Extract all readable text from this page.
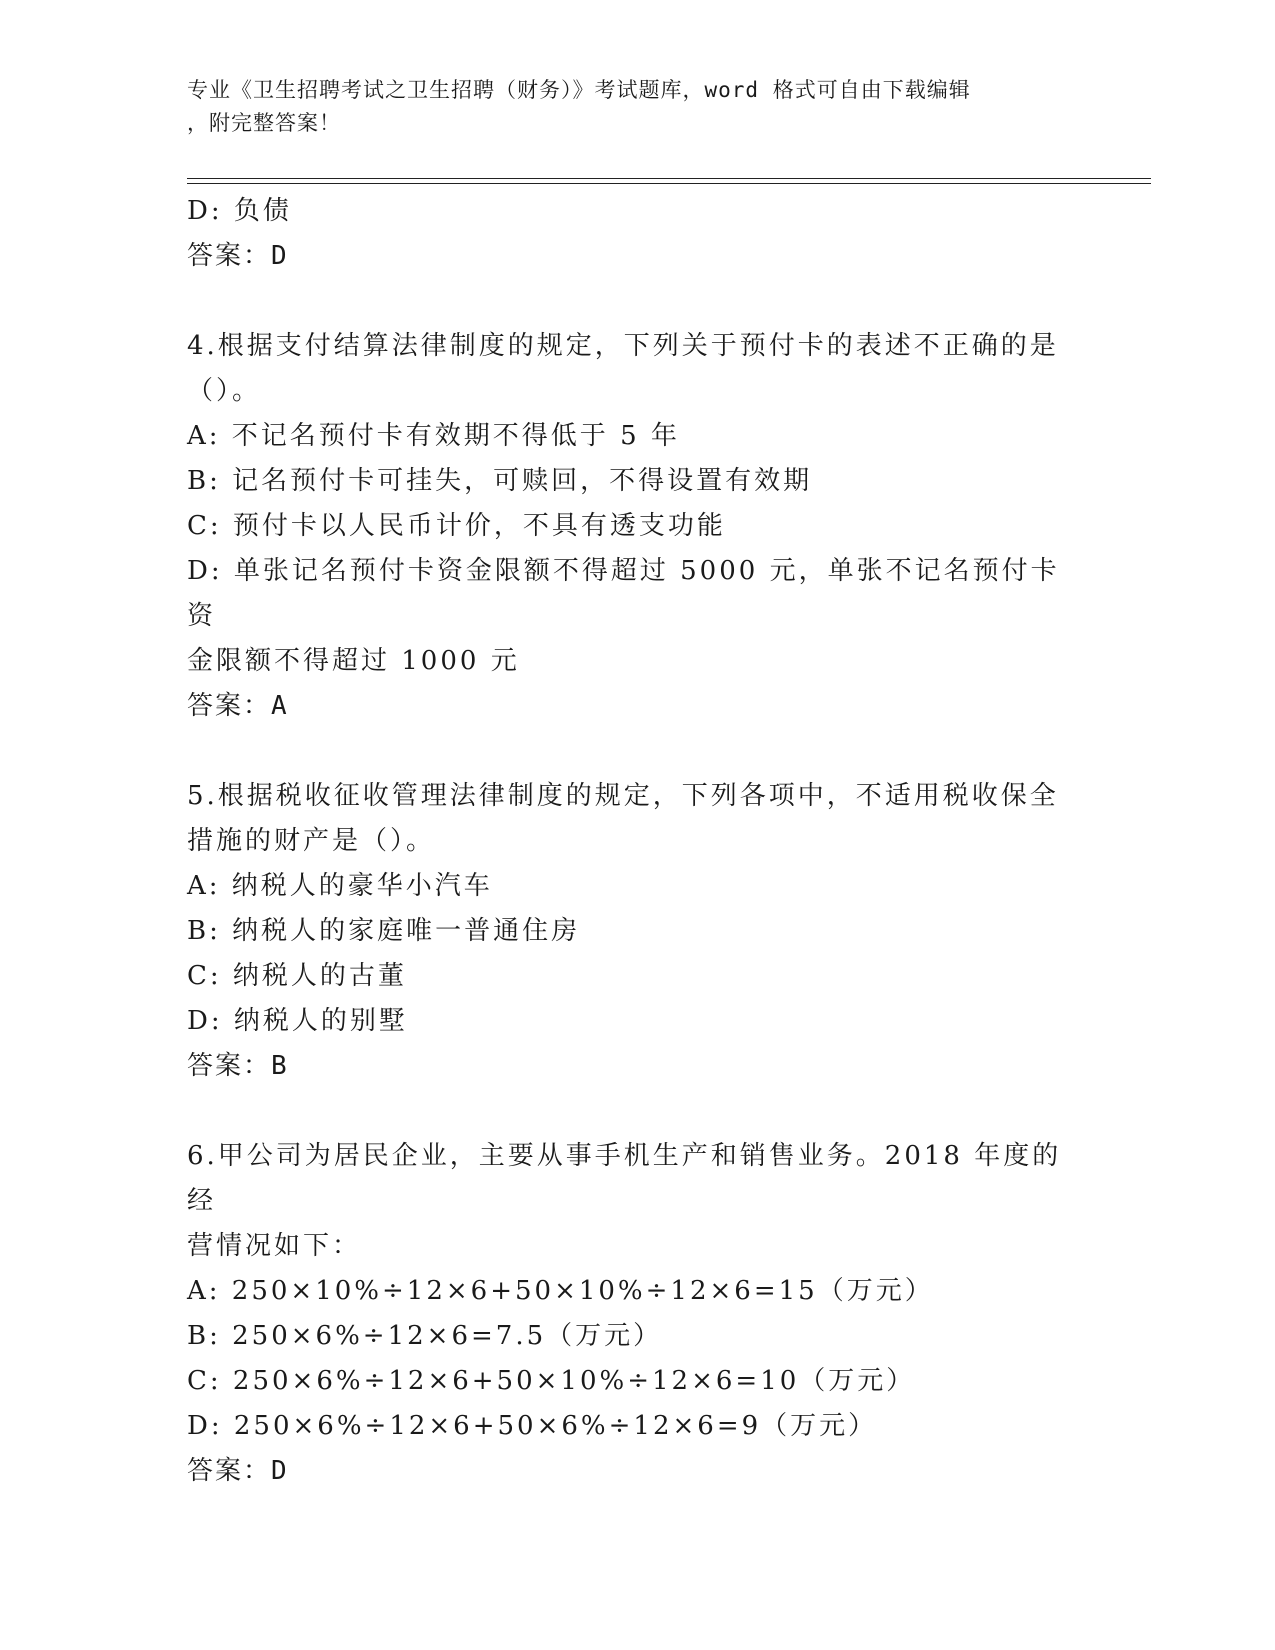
专业《卫生招聘考试之卫生招聘（财务）》考试题库，word 格式可自由下载编辑
，附完整答案！
D: 负债
答案：D
4.根据支付结算法律制度的规定，下列关于预付卡的表述不正确的是
（）。
A: 不记名预付卡有效期不得低于 5 年
B: 记名预付卡可挂失，可赎回，不得设置有效期
C: 预付卡以人民币计价，不具有透支功能
D: 单张记名预付卡资金限额不得超过 5000 元，单张不记名预付卡资
金限额不得超过 1000 元
答案：A
5.根据税收征收管理法律制度的规定，下列各项中，不适用税收保全
措施的财产是（）。
A: 纳税人的豪华小汽车
B: 纳税人的家庭唯一普通住房
C: 纳税人的古董
D: 纳税人的别墅
答案：B
6.甲公司为居民企业，主要从事手机生产和销售业务。2018 年度的经
营情况如下：
A: 250×10%÷12×6+50×10%÷12×6=15（万元）
B: 250×6%÷12×6=7.5（万元）
C: 250×6%÷12×6+50×10%÷12×6=10（万元）
D: 250×6%÷12×6+50×6%÷12×6=9（万元）
答案：D
